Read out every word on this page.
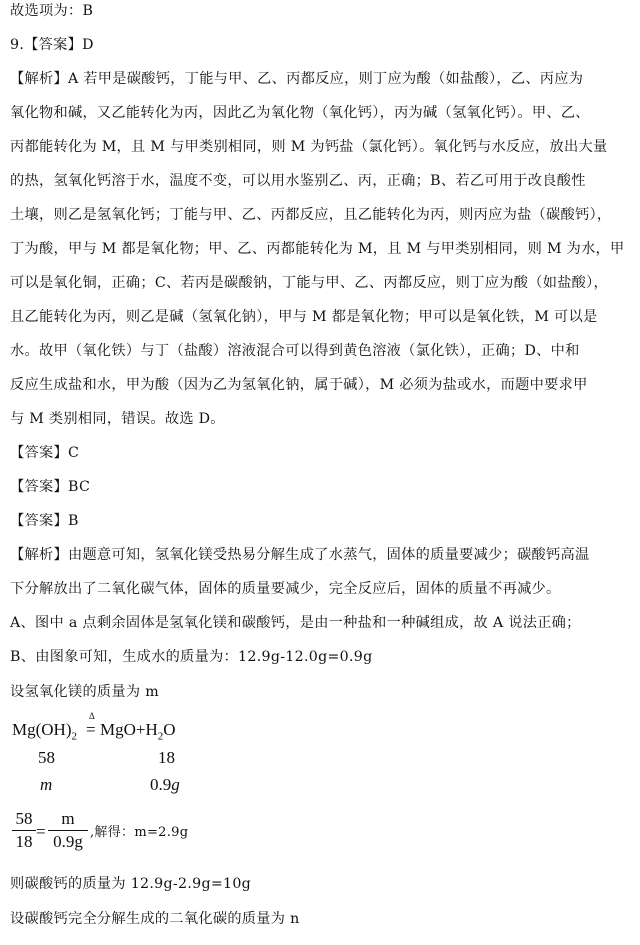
故选项为：B
9.【答案】D
【解析】A 若甲是碳酸钙，丁能与甲、乙、丙都反应，则丁应为酸（如盐酸），乙、丙应为
氧化物和碱，又乙能转化为丙，因此乙为氧化物（氧化钙），丙为碱（氢氧化钙）。甲、乙、
丙都能转化为 M，且 M 与甲类别相同，则 M 为钙盐（氯化钙）。氧化钙与水反应，放出大量
的热，氢氧化钙溶于水，温度不变，可以用水鉴别乙、丙，正确；B、若乙可用于改良酸性
土壤，则乙是氢氧化钙；丁能与甲、乙、丙都反应，且乙能转化为丙，则丙应为盐（碳酸钙），
丁为酸，甲与 M 都是氧化物；甲、乙、丙都能转化为 M，且 M 与甲类别相同，则 M 为水，甲
可以是氧化铜，正确；C、若丙是碳酸钠，丁能与甲、乙、丙都反应，则丁应为酸（如盐酸），
且乙能转化为丙，则乙是碱（氢氧化钠），甲与 M 都是氧化物；甲可以是氧化铁，M 可以是
水。故甲（氧化铁）与丁（盐酸）溶液混合可以得到黄色溶液（氯化铁），正确；D、中和
反应生成盐和水，甲为酸（因为乙为氢氧化钠，属于碱），M 必须为盐或水，而题中要求甲
与 M 类别相同，错误。故选 D。
【答案】C
【答案】BC
【答案】B
【解析】由题意可知，氢氧化镁受热易分解生成了水蒸气，固体的质量要减少；碳酸钙高温
下分解放出了二氧化碳气体，固体的质量要减少，完全反应后，固体的质量不再减少。
A、图中 a 点剩余固体是氢氧化镁和碳酸钙，是由一种盐和一种碱组成，故 A 说法正确；
B、由图象可知，生成水的质量为：12.9g-12.0g=0.9g
设氢氧化镁的质量为 m
$Mg(OH)_2$
Δ
= $MgO+H_2O$
58	18
m	0.9g
$\frac{58}{18} = \frac{m}{0.9g}$ ,解得：m=2.9g
则碳酸钙的质量为 12.9g-2.9g=10g
设碳酸钙完全分解生成的二氧化碳的质量为 n
